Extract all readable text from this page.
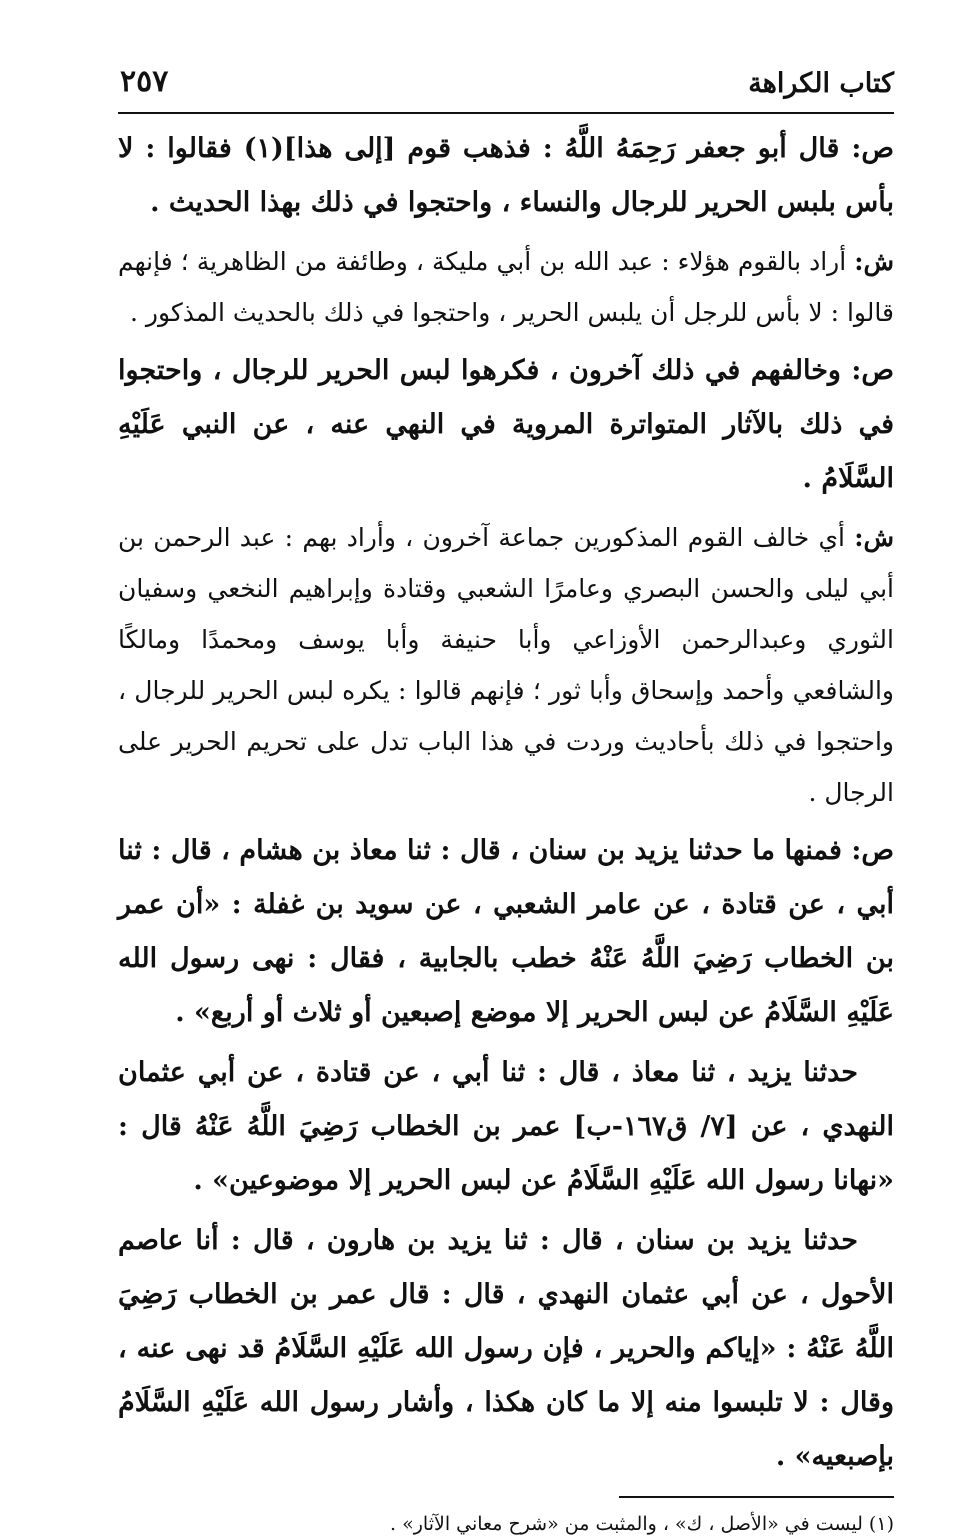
كتاب الكراهة
٢٥٧

ص: قال أبو جعفر رَحِمَهُ اللَّهُ : فذهب قوم [إلى هذا](١) فقالوا : لا بأس بلبس الحرير للرجال والنساء ، واحتجوا في ذلك بهذا الحديث .

ش: أراد بالقوم هؤلاء : عبد الله بن أبي مليكة ، وطائفة من الظاهرية ؛ فإنهم قالوا : لا بأس للرجل أن يلبس الحرير ، واحتجوا في ذلك بالحديث المذكور .

ص: وخالفهم في ذلك آخرون ، فكرهوا لبس الحرير للرجال ، واحتجوا في ذلك بالآثار المتواترة المروية في النهي عنه ، عن النبي عَلَيْهِ السَّلَامُ .

ش: أي خالف القوم المذكورين جماعة آخرون ، وأراد بهم : عبد الرحمن بن أبي ليلى والحسن البصري وعامرًا الشعبي وقتادة وإبراهيم النخعي وسفيان الثوري وعبدالرحمن الأوزاعي وأبا حنيفة وأبا يوسف ومحمدًا ومالكًا والشافعي وأحمد وإسحاق وأبا ثور ؛ فإنهم قالوا : يكره لبس الحرير للرجال ، واحتجوا في ذلك بأحاديث وردت في هذا الباب تدل على تحريم الحرير على الرجال .

ص: فمنها ما حدثنا يزيد بن سنان ، قال : ثنا معاذ بن هشام ، قال : ثنا أبي ، عن قتادة ، عن عامر الشعبي ، عن سويد بن غفلة : «أن عمر بن الخطاب رَضِيَ اللَّهُ عَنْهُ خطب بالجابية ، فقال : نهى رسول الله عَلَيْهِ السَّلَامُ عن لبس الحرير إلا موضع إصبعين أو ثلاث أو أربع» .

حدثنا يزيد ، ثنا معاذ ، قال : ثنا أبي ، عن قتادة ، عن أبي عثمان النهدي ، عن [٧/ ق١٦٧-ب] عمر بن الخطاب رَضِيَ اللَّهُ عَنْهُ قال : «نهانا رسول الله عَلَيْهِ السَّلَامُ عن لبس الحرير إلا موضوعين» .

حدثنا يزيد بن سنان ، قال : ثنا يزيد بن هارون ، قال : أنا عاصم الأحول ، عن أبي عثمان النهدي ، قال : قال عمر بن الخطاب رَضِيَ اللَّهُ عَنْهُ : «إياكم والحرير ، فإن رسول الله عَلَيْهِ السَّلَامُ قد نهى عنه ، وقال : لا تلبسوا منه إلا ما كان هكذا ، وأشار رسول الله عَلَيْهِ السَّلَامُ بإصبعيه» .

(١) ليست في «الأصل ، ك» ، والمثبت من «شرح معاني الآثار» .
